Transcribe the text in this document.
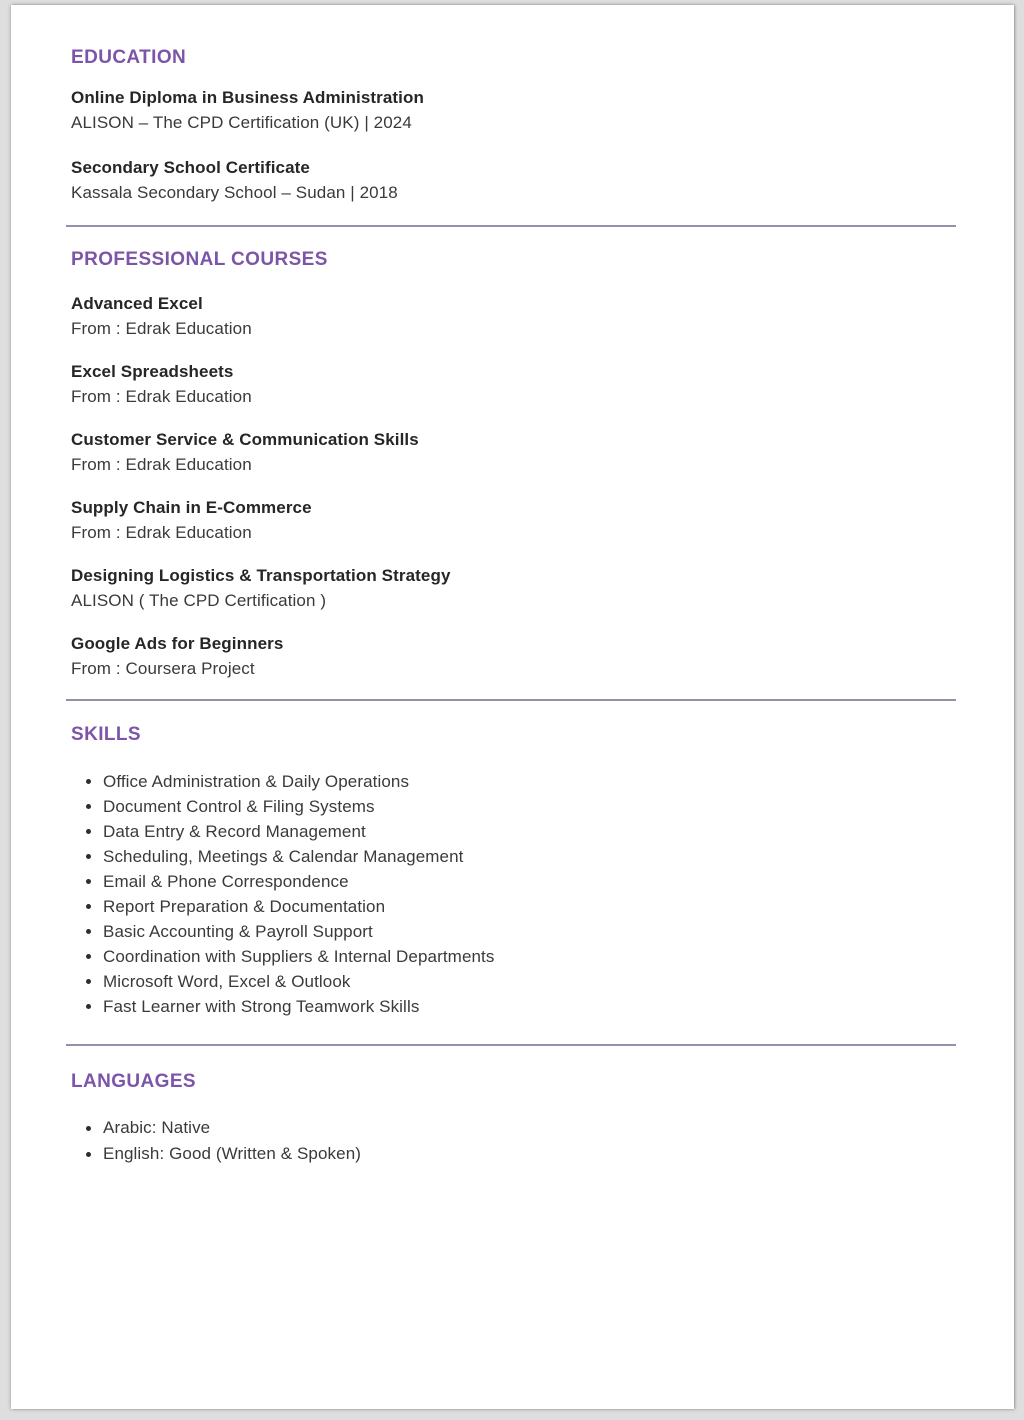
EDUCATION
Online Diploma in Business Administration
ALISON – The CPD Certification (UK) | 2024
Secondary School Certificate
Kassala Secondary School – Sudan | 2018
PROFESSIONAL COURSES
Advanced Excel
From : Edrak Education
Excel Spreadsheets
From : Edrak Education
Customer Service & Communication Skills
From : Edrak Education
Supply Chain in E-Commerce
From : Edrak Education
Designing Logistics & Transportation Strategy
ALISON ( The CPD Certification )
Google Ads for Beginners
From : Coursera Project
SKILLS
Office Administration & Daily Operations
Document Control & Filing Systems
Data Entry & Record Management
Scheduling, Meetings & Calendar Management
Email & Phone Correspondence
Report Preparation & Documentation
Basic Accounting & Payroll Support
Coordination with Suppliers & Internal Departments
Microsoft Word, Excel & Outlook
Fast Learner with Strong Teamwork Skills
LANGUAGES
Arabic: Native
English: Good (Written & Spoken)
